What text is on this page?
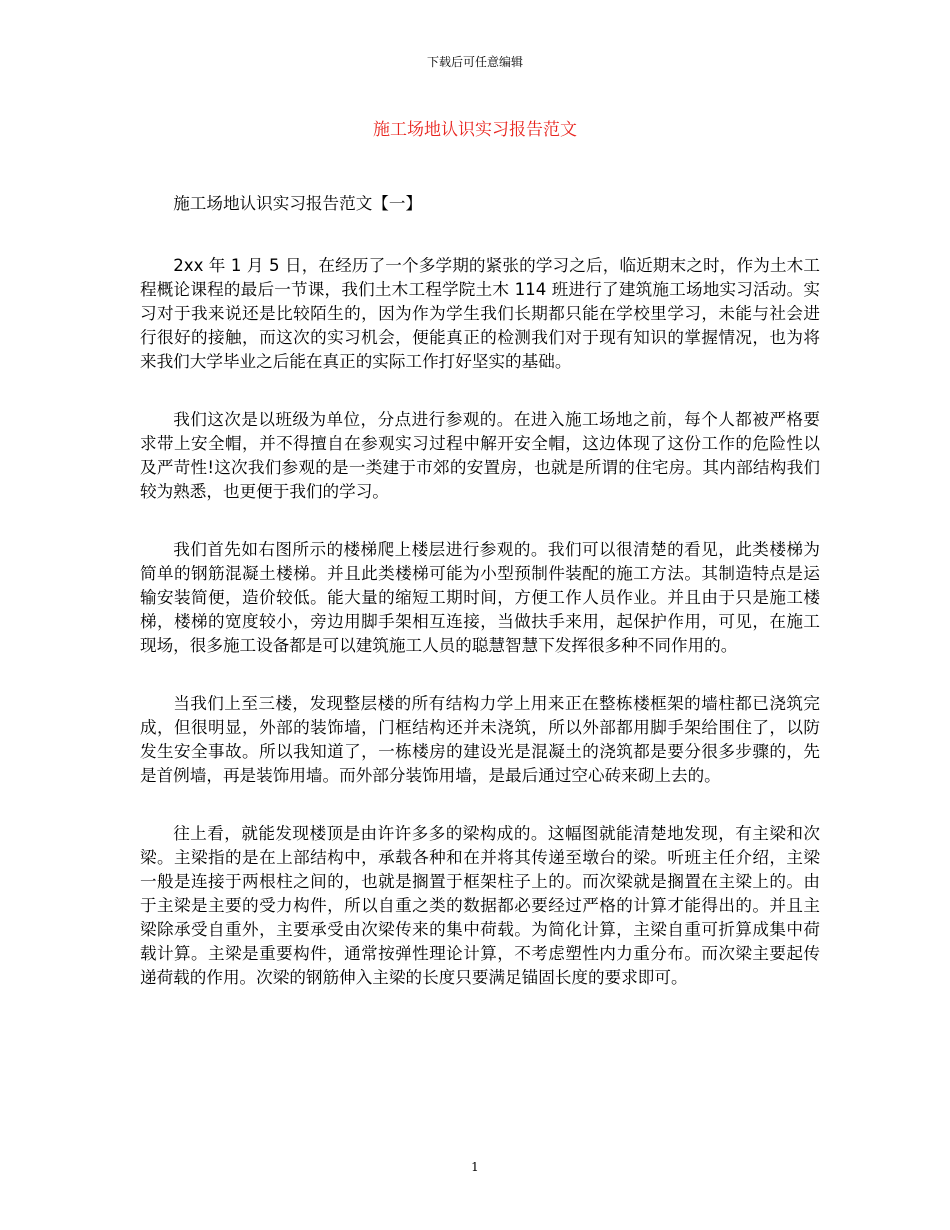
下载后可任意编辑
施工场地认识实习报告范文

施工场地认识实习报告范文【一】

2xx 年 1 月 5 日，在经历了一个多学期的紧张的学习之后，临近期末之时，作为土木工程概论课程的最后一节课，我们土木工程学院土木 114 班进行了建筑施工场地实习活动。实习对于我来说还是比较陌生的，因为作为学生我们长期都只能在学校里学习，未能与社会进行很好的接触，而这次的实习机会，便能真正的检测我们对于现有知识的掌握情况，也为将来我们大学毕业之后能在真正的实际工作打好坚实的基础。

我们这次是以班级为单位，分点进行参观的。在进入施工场地之前，每个人都被严格要求带上安全帽，并不得擅自在参观实习过程中解开安全帽，这边体现了这份工作的危险性以及严苛性!这次我们参观的是一类建于市郊的安置房，也就是所谓的住宅房。其内部结构我们较为熟悉，也更便于我们的学习。

我们首先如右图所示的楼梯爬上楼层进行参观的。我们可以很清楚的看见，此类楼梯为简单的钢筋混凝土楼梯。并且此类楼梯可能为小型预制件装配的施工方法。其制造特点是运输安装简便，造价较低。能大量的缩短工期时间，方便工作人员作业。并且由于只是施工楼梯，楼梯的宽度较小，旁边用脚手架相互连接，当做扶手来用，起保护作用，可见，在施工现场，很多施工设备都是可以建筑施工人员的聪慧智慧下发挥很多种不同作用的。

当我们上至三楼，发现整层楼的所有结构力学上用来正在整栋楼框架的墙柱都已浇筑完成，但很明显，外部的装饰墙，门框结构还并未浇筑，所以外部都用脚手架给围住了，以防发生安全事故。所以我知道了，一栋楼房的建设光是混凝土的浇筑都是要分很多步骤的，先是首例墙，再是装饰用墙。而外部分装饰用墙，是最后通过空心砖来砌上去的。

往上看，就能发现楼顶是由许许多多的梁构成的。这幅图就能清楚地发现，有主梁和次梁。主梁指的是在上部结构中，承载各种和在并将其传递至墩台的梁。听班主任介绍，主梁一般是连接于两根柱之间的，也就是搁置于框架柱子上的。而次梁就是搁置在主梁上的。由于主梁是主要的受力构件，所以自重之类的数据都必要经过严格的计算才能得出的。并且主梁除承受自重外，主要承受由次梁传来的集中荷载。为简化计算，主梁自重可折算成集中荷载计算。主梁是重要构件，通常按弹性理论计算，不考虑塑性内力重分布。而次梁主要起传递荷载的作用。次梁的钢筋伸入主梁的长度只要满足锚固长度的要求即可。

1
